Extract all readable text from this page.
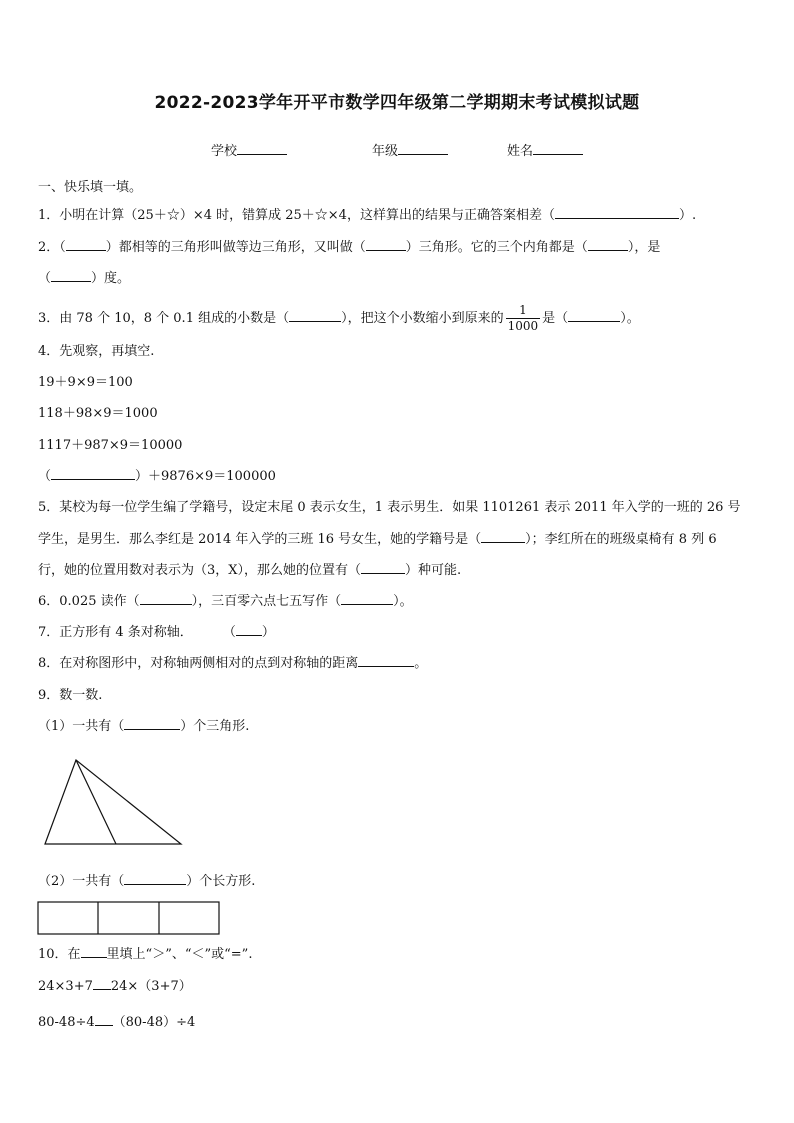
2022-2023学年开平市数学四年级第二学期期末考试模拟试题
学校	年级	姓名
一、快乐填一填。
1．小明在计算（25＋☆）×4 时，错算成 25＋☆×4，这样算出的结果与正确答案相差（	）.
2．（	）都相等的三角形叫做等边三角形，又叫做（	）三角形。它的三个内角都是（	），是
（	）度。
3．由 78 个 10，8 个 0.1 组成的小数是（	），把这个小数缩小到原来的 $\frac{1}{1000}$ 是（	）。
4．先观察，再填空.
19＋9×9＝100
118＋98×9＝1000
1117＋987×9＝10000
（	）＋9876×9＝100000
5．某校为每一位学生编了学籍号，设定末尾 0 表示女生，1 表示男生．如果 1101261 表示 2011 年入学的一班的 26 号
学生，是男生．那么李红是 2014 年入学的三班 16 号女生，她的学籍号是（	）；李红所在的班级桌椅有 8 列 6
行，她的位置用数对表示为（3，X），那么她的位置有（	）种可能.
6．0.025 读作（	），三百零六点七五写作（	）。
7．正方形有 4 条对称轴． （ ）
8．在对称图形中，对称轴两侧相对的点到对称轴的距离	。
9．数一数.
（1）一共有（	）个三角形.
（2）一共有（	）个长方形.
10．在 里填上“＞”、“＜”或“=”.
24×3+7 24×（3+7）
80-48÷4 （80-48）÷4
